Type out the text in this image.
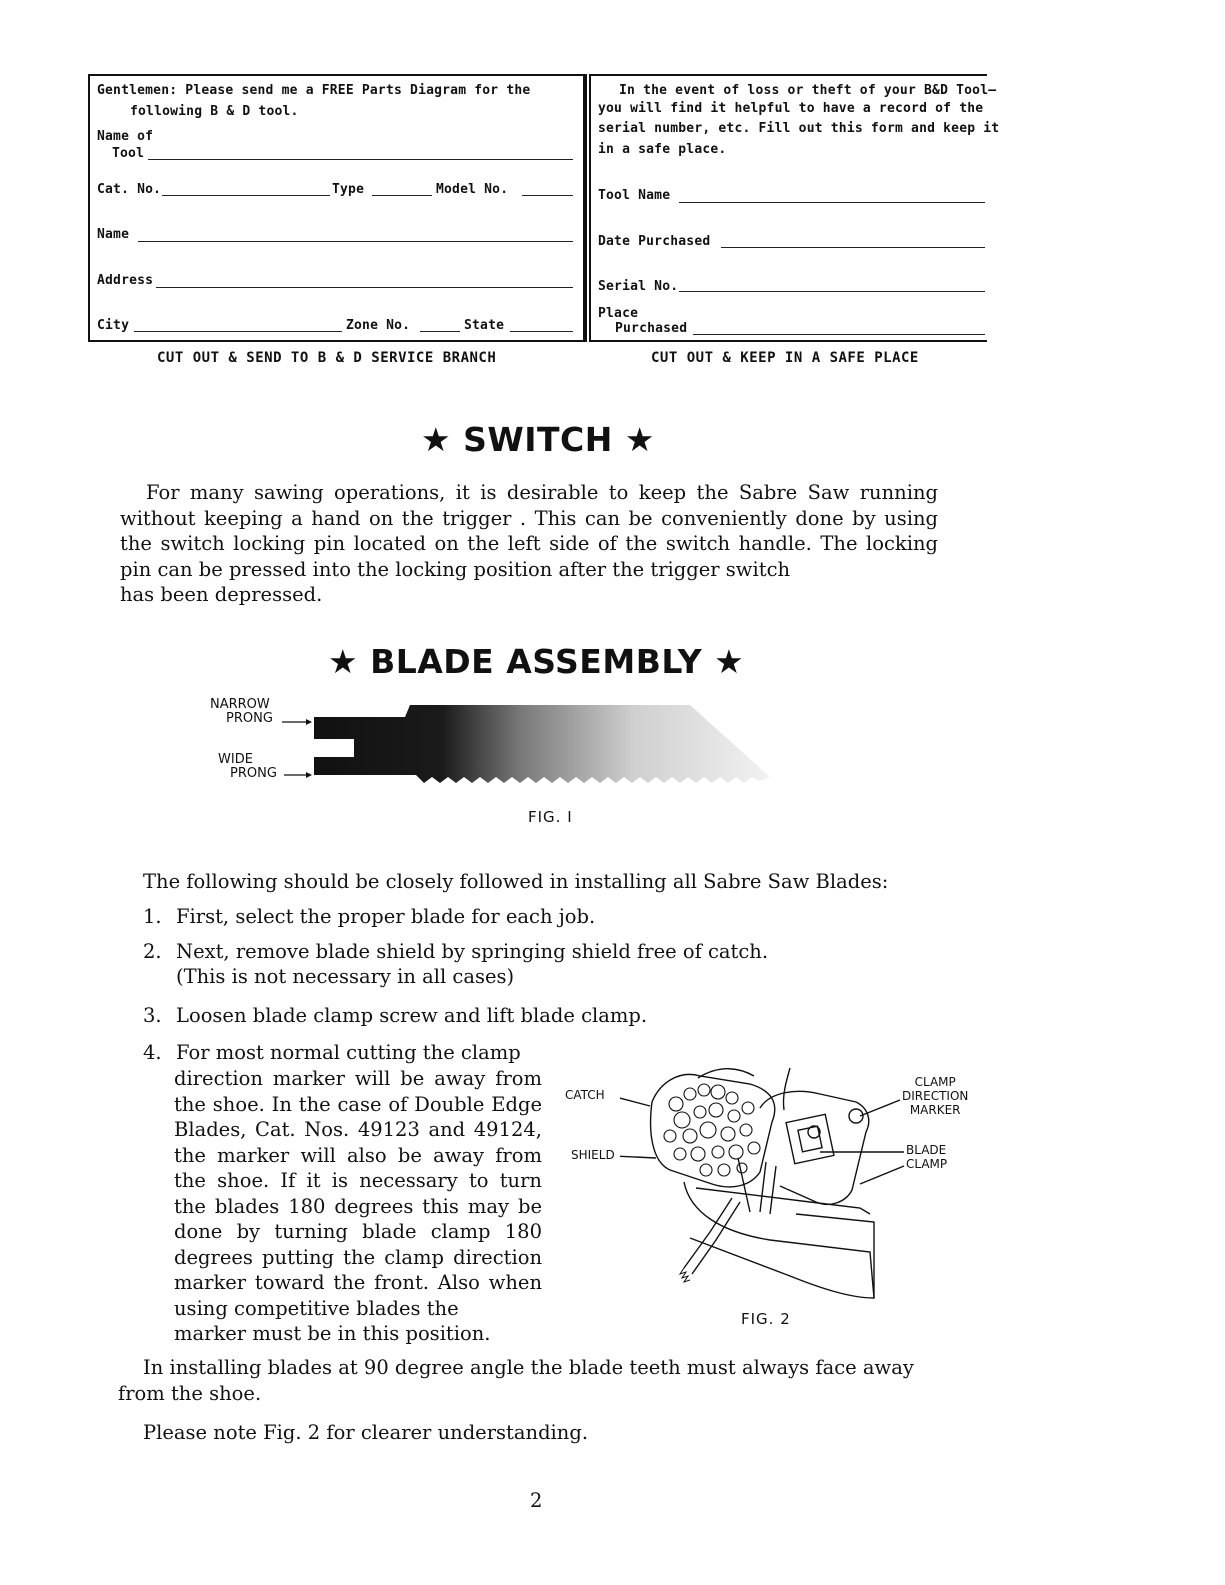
Gentlemen: Please send me a FREE Parts Diagram for the
following B & D tool.
Name of
Tool
Cat. No.	Type	Model No.
Name
Address
City	Zone No.	State
In the event of loss or theft of your B&D Tool—
you will find it helpful to have a record of the
serial number, etc. Fill out this form and keep it
in a safe place.
Tool Name
Date Purchased
Serial No.
Place
Purchased
CUT OUT & SEND TO B & D SERVICE BRANCH	CUT OUT & KEEP IN A SAFE PLACE
★ SWITCH ★
For many sawing operations, it is desirable to keep the Sabre Saw running without keeping a hand on the trigger . This can be conveniently done by using the switch locking pin located on the left side of the switch handle. The locking pin can be pressed into the locking position after the trigger switch
has been depressed.
★ BLADE ASSEMBLY ★
NARROW
PRONG
WIDE
PRONG
FIG. I
The following should be closely followed in installing all Sabre Saw Blades:
1. First, select the proper blade for each job.
2. Next, remove blade shield by springing shield free of catch.
(This is not necessary in all cases)
3. Loosen blade clamp screw and lift blade clamp.
4. For most normal cutting the clamp
direction marker will be away from the shoe. In the case of Double Edge Blades, Cat. Nos. 49123 and 49124, the marker will also be away from the shoe. If it is necessary to turn the blades 180 degrees this may be done by turning blade clamp 180 degrees putting the clamp direction marker toward the front. Also when using competitive blades the
marker must be in this position.
CATCH
SHIELD
CLAMP
DIRECTION
MARKER
BLADE
CLAMP
FIG. 2
In installing blades at 90 degree angle the blade teeth must always face away
from the shoe.
Please note Fig. 2 for clearer understanding.
2
